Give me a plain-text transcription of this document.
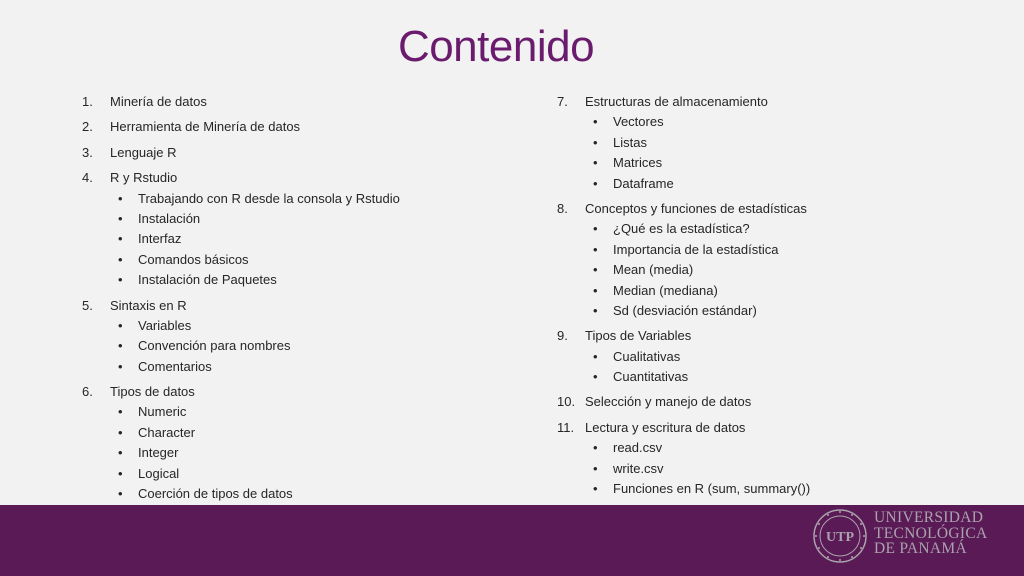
Contenido
1.	Minería de datos
2.	Herramienta de Minería de datos
3.	Lenguaje R
4.	R y Rstudio
•	Trabajando con R desde la consola y Rstudio
•	Instalación
•	Interfaz
•	Comandos básicos
•	Instalación de Paquetes
5.	Sintaxis en R
•	Variables
•	Convención para nombres
•	Comentarios
6.	Tipos de datos
•	Numeric
•	Character
•	Integer
•	Logical
•	Coerción de tipos de datos
7.	Estructuras de almacenamiento
•	Vectores
•	Listas
•	Matrices
•	Dataframe
8.	Conceptos y funciones de estadísticas
•	¿Qué es la estadística?
•	Importancia de la estadística
•	Mean (media)
•	Median (mediana)
•	Sd (desviación estándar)
9.	Tipos de Variables
•	Cualitativas
•	Cuantitativas
10. Selección y manejo de datos
11. Lectura y escritura de datos
•	read.csv
•	write.csv
•	Funciones en R (sum, summary())
UTP
UNIVERSIDAD
TECNOLÓGICA
DE PANAMÁ
